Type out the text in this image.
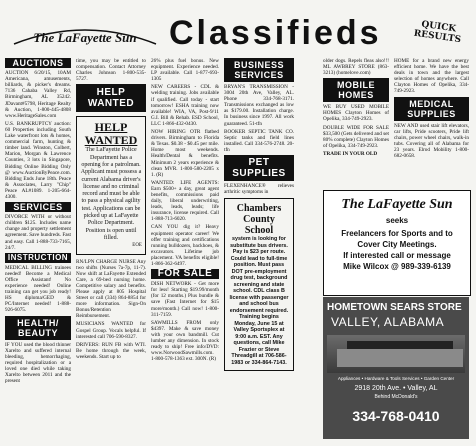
The LaFayette Sun Classifieds	QUICK RESULTS
AUCTIONS

AUCTION 6/20/15, 10AM Americana, amusements, billiards, & picker's dreams. 7136 Cahaba Valley Rd, Birmingham, AL 35242. JDavant#5798, Heritage Realty & Auction, 1-800-445-4808 www.HeritageSales.com

U.S. BANKRUPTCY auction: 60 Properties including South Lake waterfront lots & homes, commercial farm, hunting & timber land. Winston, Colbert, Marion, Morgan & Lawrence Counties, 3 lots in Singapore, Bidding Online Bidding Only @ www.AuctionByPeace.com. Bidding Ends June 18th. Peace & Associates, Larry "Chip" Peace AL#1089. 1-205-664-4300.

SERVICES

DIVORCE WITH or without children $125. Includes name change and property settlement agreement. Save hundreds. Fast and easy. Call 1-888-733-7165, 24/7.

INSTRUCTION

MEDICAL BILLING trainees needed! Become a Medical Office Assistant! No experience needed! Online training can get you job ready! HS diploma/GED & PC/Internet needed! 1-888-926-6075.

HEALTH/ BEAUTY

IF YOU used the blood thinner Xarelto and suffered internal bleeding, hemorrhaging, required hospitalization or a loved one died while taking Xarelto between 2011 and the present

time, you may be entitled to compensation. Contact Attorney Charles Johnson 1-800-535-5727.

HELP WANTED
HELP WANTED
The LaFayette Police Department has a opening for a patrolman. Applicant must possess a current Alabama driver's license and no criminal record and must be able to pass a physical agility test. Applications can be picked up at LaFayette Police Department. Position is open until filled.
EOE

RN/LPN CHARGE NURSE Any two shifts (Nurses 7a-7p, 11-7). Now shift at LaFayette Extended Care, a 69-bed nursing home. Competitive salary and benefits. Please apply at 805 Hospital Street or call (334) 864-8854 for more information. Sign-On Bonus/Retention Reimbursement.

MUSICIANS WANTED for Gospel Group. Vocals helpful. If interested call 706-590-8327.

DRIVERS: RUN FB with WTI. Be home through the week, weekends. Start up to

26% plus fuel bonus. New equipment. Experience needed. LP available. Call 1-877-693-1305

NEW CAREERS - CDL & welding training. Jobs available if qualified. Call today - start tomorrow! ESHA training now available! WIA, VA, Post-9/11 G.I. Bill & Rehab. ESD School, LLC 1-866-432-0430.

NOW HIRING OTR flatbed drivers. Birmingham to Florida & Texas. $0.38 - $0.45 per mile. Home most weekends. Health/Dental & benefits. Minimum 2 years experience & clean MVR. 1-800-580-2205 x 1. (R)

WANTED: LIFE AGENTS: Earn $500+ a day, great agent benefits, commissions paid daily, liberal underwriting, leads, leads, leads; life insurance, license required. Call 1-888-713-6020.

CAN YOU dig it? Heavy equipment operator career! We offer training and certifications running bulldozers, backhoes, & excavators. Lifetime job placement. VA benefits eligible! 1-866-362-6497.

FOR SALE

DISH NETWORK - Get more for less! Starting $19.99/month (for 12 months.) Plus bundle & save (Fast Internet for $15 more/month.) Call now! 1-800-311-7159.

SAWMILLS FROM only $4397. Make & save money with your own bandmill. Cut lumber any dimension. In stock ready to ship! Free info/DVD: www.NorwoodSawmills.com. 1-800-578-1363 ext. 300N. (R)

BUSINESS SERVICES

BRYAN'S TRANSMISSION - 3004 20th Ave, Valley, AL. Phone 334-768-3171. Transmissions exchanged as low as $179.00. Installation charge. In business since 1997. All work guaranteed. 51-tfn

BOOKER SEPTIC TANK CO. Septic tanks and field lines installed. Call 334-576-2748. 20-tfn

PET SUPPLIES

FLEXENHANCE® relieves arthritic symptoms in

Chambers County School
system is looking for substitute bus drivers. Pay is $23 per route. Could lead to full-time position. Must pass DOT pre-employment drug test, background screening and state school. CDL class B license with passenger and school bus endorsement required. Training begins Monday, June 15 at Valley Sportsplex at 9:00 a.m. EST. Any questions, call Mike Frazier or Steve Threadgill at 706-586-1983 or 334-864-7143.

older dogs. Repels fleas also!!! ML AWBREY STORE (863-3213) (homelove.com)

MOBILE HOMES

WE BUY USED MOBILE HOMES Clayton Homes of Opelika, 334-749-2923.

DOUBLE WIDE FOR SALE $33,500 (Gets delivered and set 80% complete) Clayton Homes of Opelika, 334-749-2923.

TRADE IN YOUR OLD

HOME for a brand new energy efficient home. We have the best deals in town and the largest selection of homes anywhere. Call Clayton Homes of Opelika, 334-749-2923.

MEDICAL SUPPLIES

NEW AND used stair lift elevators, car lifts, Pride scooters, Pride lift chairs, power wheel chairs, walk-in tubs. Covering all of Alabama for 23 years. Elrod Mobility 1-800-682-0658.

The LaFayette Sun
seeks
Freelancers for Sports and to
Cover City Meetings.
If interested call or message
Mike Wilcox @ 989-339-6139
HOMETOWN SEARS STORE
VALLEY, ALABAMA
Appliances • Hardware & Tools Services • Garden Center
2918 20th Ave. • Valley, AL
Behind McDonald's
334-768-0410
